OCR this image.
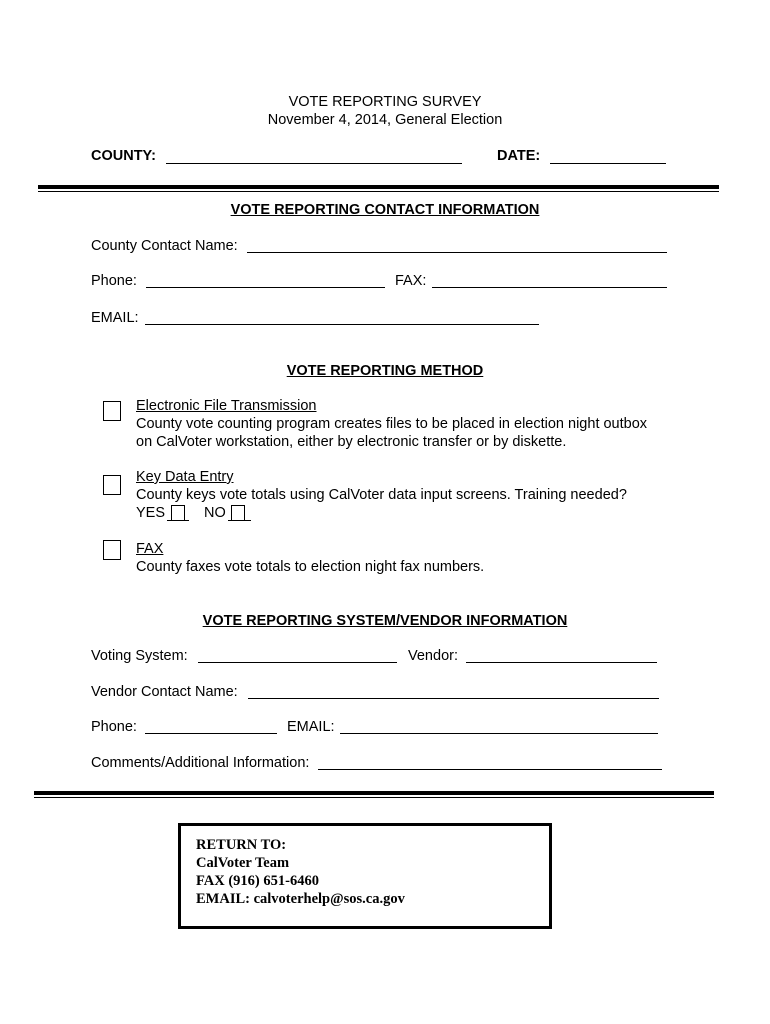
VOTE REPORTING SURVEY
November 4, 2014, General Election
COUNTY:	DATE:
VOTE REPORTING CONTACT INFORMATION
County Contact Name:
Phone:	FAX:
EMAIL:
VOTE REPORTING METHOD
Electronic File Transmission
County vote counting program creates files to be placed in election night outbox
on CalVoter workstation, either by electronic transfer or by diskette.
Key Data Entry
County keys vote totals using CalVoter data input screens. Training needed?
YES	NO
FAX
County faxes vote totals to election night fax numbers.
VOTE REPORTING SYSTEM/VENDOR INFORMATION
Voting System:	Vendor:
Vendor Contact Name:
Phone:	EMAIL:
Comments/Additional Information:
RETURN TO:
CalVoter Team
FAX (916) 651-6460
EMAIL: calvoterhelp@sos.ca.gov
